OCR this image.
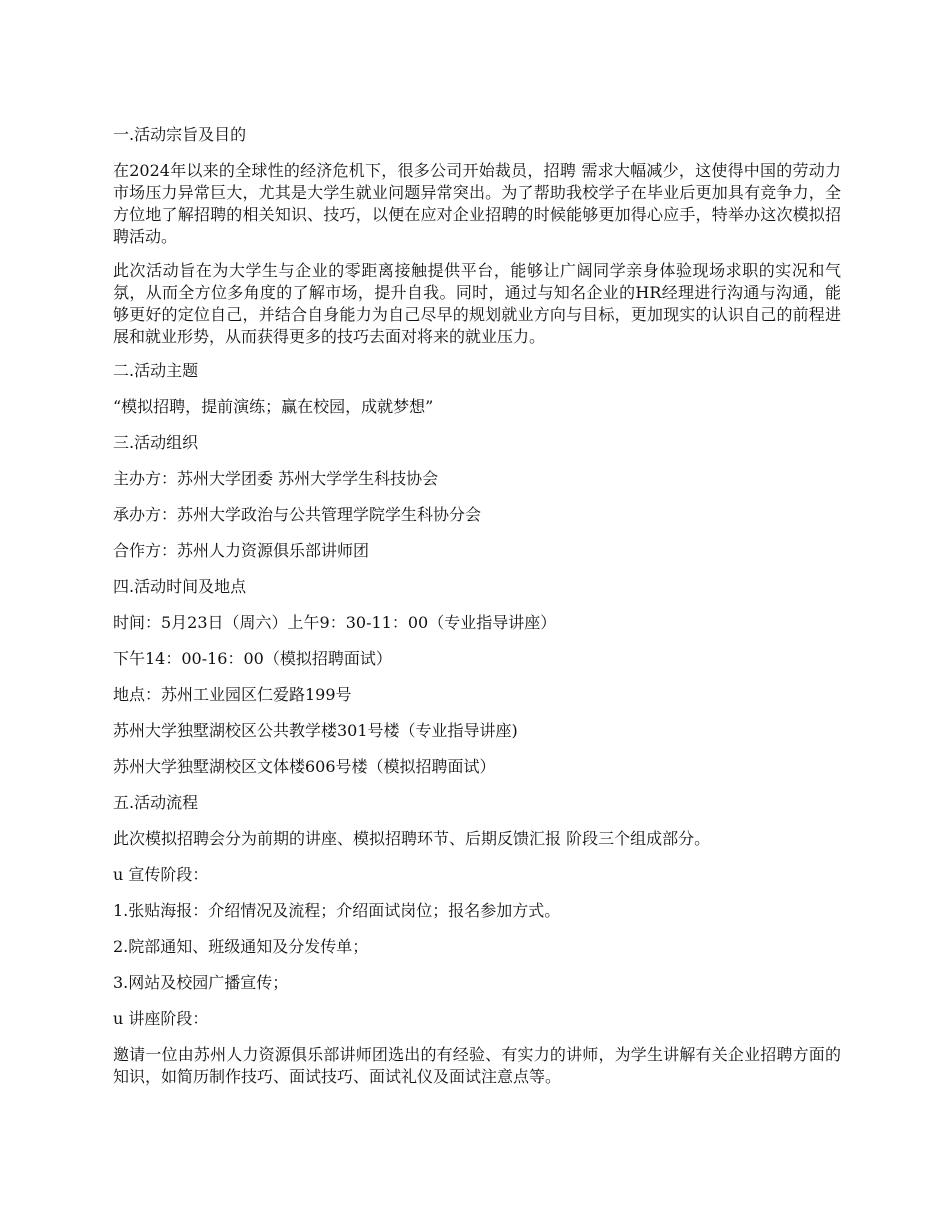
一.活动宗旨及目的

在2024年以来的全球性的经济危机下，很多公司开始裁员，招聘 需求大幅减少，这使得中国的劳动力市场压力异常巨大，尤其是大学生就业问题异常突出。为了帮助我校学子在毕业后更加具有竞争力，全方位地了解招聘的相关知识、技巧，以便在应对企业招聘的时候能够更加得心应手，特举办这次模拟招聘活动。

此次活动旨在为大学生与企业的零距离接触提供平台，能够让广阔同学亲身体验现场求职的实况和气氛，从而全方位多角度的了解市场，提升自我。同时，通过与知名企业的HR经理进行沟通与沟通，能够更好的定位自己，并结合自身能力为自己尽早的规划就业方向与目标，更加现实的认识自己的前程进展和就业形势，从而获得更多的技巧去面对将来的就业压力。

二.活动主题

“模拟招聘，提前演练；赢在校园，成就梦想”

三.活动组织

主办方：苏州大学团委 苏州大学学生科技协会

承办方：苏州大学政治与公共管理学院学生科协分会

合作方：苏州人力资源俱乐部讲师团

四.活动时间及地点

时间：5月23日（周六）上午9：30-11：00（专业指导讲座）

下午14：00-16：00（模拟招聘面试）

地点：苏州工业园区仁爱路199号

苏州大学独墅湖校区公共教学楼301号楼（专业指导讲座)

苏州大学独墅湖校区文体楼606号楼（模拟招聘面试）

五.活动流程

此次模拟招聘会分为前期的讲座、模拟招聘环节、后期反馈汇报 阶段三个组成部分。

u 宣传阶段：

1.张贴海报：介绍情况及流程；介绍面试岗位；报名参加方式。

2.院部通知、班级通知及分发传单；

3.网站及校园广播宣传；

u 讲座阶段：

邀请一位由苏州人力资源俱乐部讲师团选出的有经验、有实力的讲师，为学生讲解有关企业招聘方面的知识，如简历制作技巧、面试技巧、面试礼仪及面试注意点等。
